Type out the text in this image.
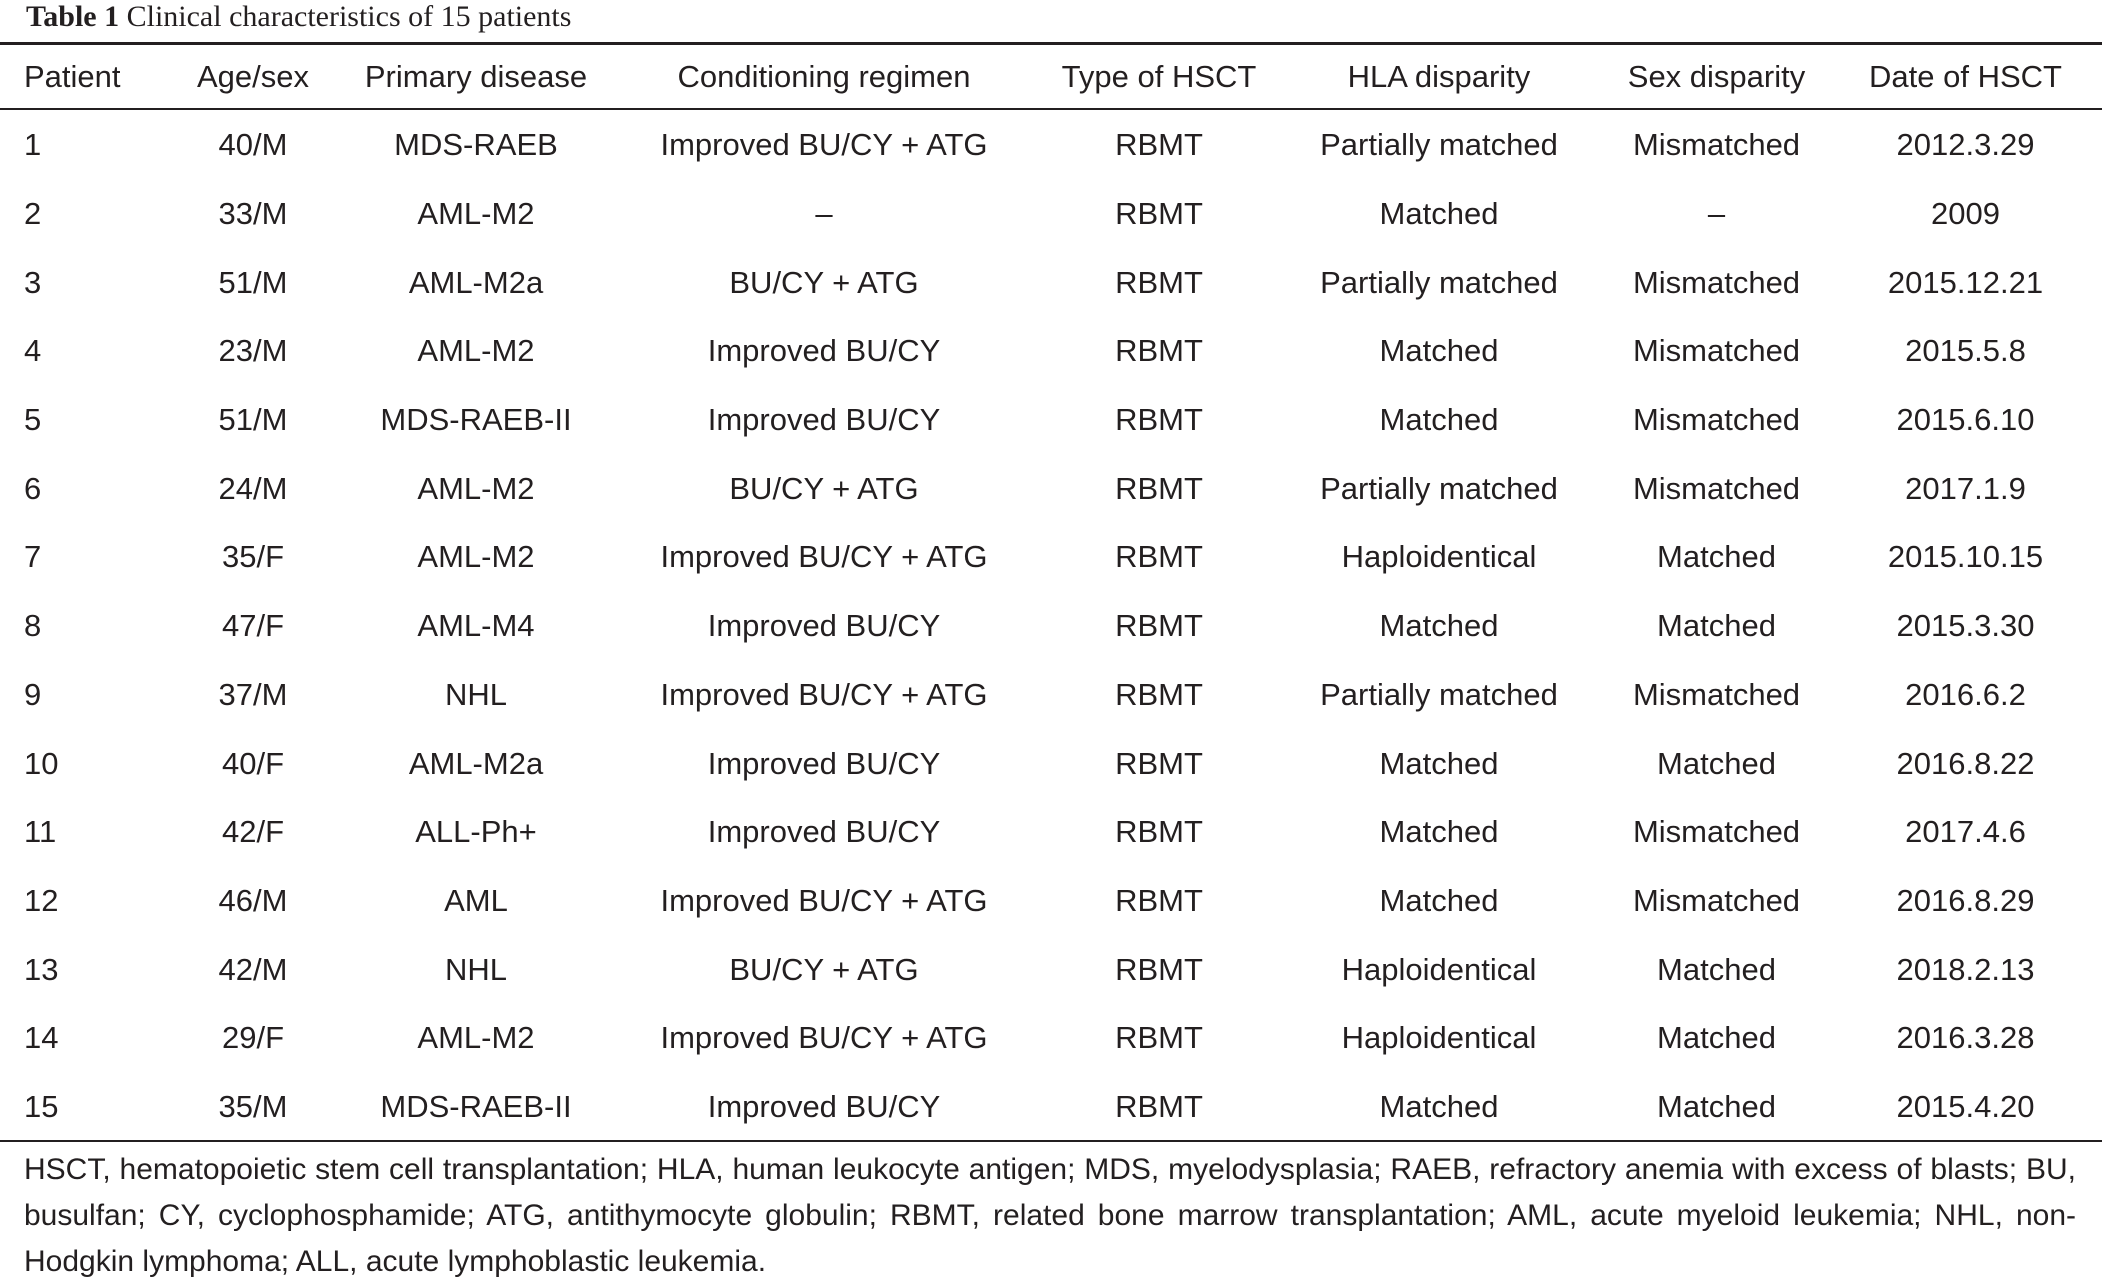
Table 1 Clinical characteristics of 15 patients
Patient	Age/sex	Primary disease	Conditioning regimen	Type of HSCT	HLA disparity	Sex disparity	Date of HSCT
1	40/M	MDS-RAEB	Improved BU/CY + ATG	RBMT	Partially matched	Mismatched	2012.3.29
2	33/M	AML-M2	–	RBMT	Matched	–	2009
3	51/M	AML-M2a	BU/CY + ATG	RBMT	Partially matched	Mismatched	2015.12.21
4	23/M	AML-M2	Improved BU/CY	RBMT	Matched	Mismatched	2015.5.8
5	51/M	MDS-RAEB-II	Improved BU/CY	RBMT	Matched	Mismatched	2015.6.10
6	24/M	AML-M2	BU/CY + ATG	RBMT	Partially matched	Mismatched	2017.1.9
7	35/F	AML-M2	Improved BU/CY + ATG	RBMT	Haploidentical	Matched	2015.10.15
8	47/F	AML-M4	Improved BU/CY	RBMT	Matched	Matched	2015.3.30
9	37/M	NHL	Improved BU/CY + ATG	RBMT	Partially matched	Mismatched	2016.6.2
10	40/F	AML-M2a	Improved BU/CY	RBMT	Matched	Matched	2016.8.22
11	42/F	ALL-Ph+	Improved BU/CY	RBMT	Matched	Mismatched	2017.4.6
12	46/M	AML	Improved BU/CY + ATG	RBMT	Matched	Mismatched	2016.8.29
13	42/M	NHL	BU/CY + ATG	RBMT	Haploidentical	Matched	2018.2.13
14	29/F	AML-M2	Improved BU/CY + ATG	RBMT	Haploidentical	Matched	2016.3.28
15	35/M	MDS-RAEB-II	Improved BU/CY	RBMT	Matched	Matched	2015.4.20
HSCT, hematopoietic stem cell transplantation; HLA, human leukocyte antigen; MDS, myelodysplasia; RAEB, refractory anemia with excess of blasts; BU, busulfan; CY, cyclophosphamide; ATG, antithymocyte globulin; RBMT, related bone marrow transplantation; AML, acute myeloid leukemia; NHL, non-Hodgkin lymphoma; ALL, acute lymphoblastic leukemia.
